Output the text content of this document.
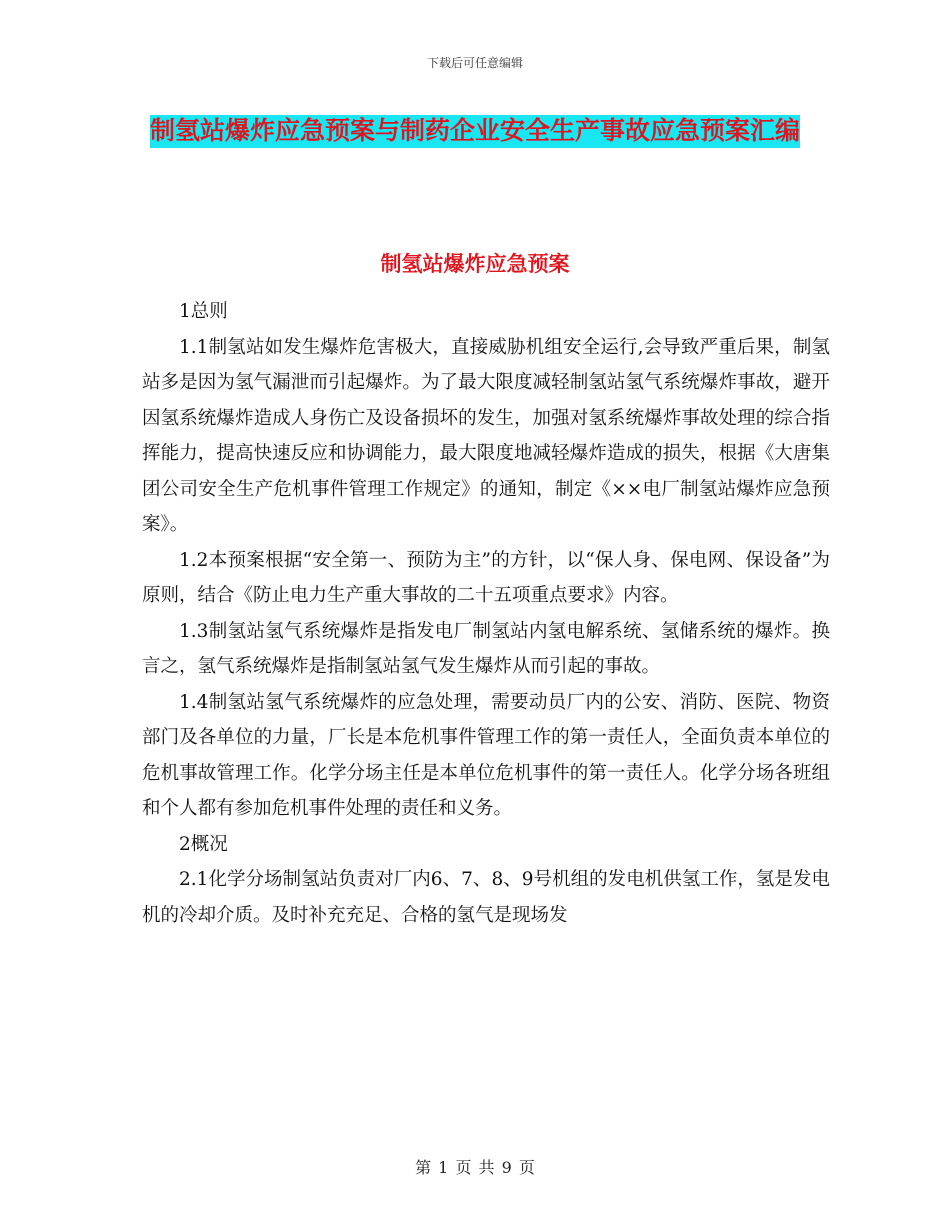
下载后可任意编辑
制氢站爆炸应急预案与制药企业安全生产事故应急预案汇编
制氢站爆炸应急预案

1总则

1.1制氢站如发生爆炸危害极大，直接威胁机组安全运行,会导致严重后果，制氢站多是因为氢气漏泄而引起爆炸。为了最大限度减轻制氢站氢气系统爆炸事故，避开因氢系统爆炸造成人身伤亡及设备损坏的发生，加强对氢系统爆炸事故处理的综合指挥能力，提高快速反应和协调能力，最大限度地减轻爆炸造成的损失，根据《大唐集团公司安全生产危机事件管理工作规定》的通知，制定《××电厂制氢站爆炸应急预案》。

1.2本预案根据“安全第一、预防为主”的方针，以“保人身、保电网、保设备”为原则，结合《防止电力生产重大事故的二十五项重点要求》内容。

1.3制氢站氢气系统爆炸是指发电厂制氢站内氢电解系统、氢储系统的爆炸。换言之，氢气系统爆炸是指制氢站氢气发生爆炸从而引起的事故。

1.4制氢站氢气系统爆炸的应急处理，需要动员厂内的公安、消防、医院、物资部门及各单位的力量，厂长是本危机事件管理工作的第一责任人，全面负责本单位的危机事故管理工作。化学分场主任是本单位危机事件的第一责任人。化学分场各班组和个人都有参加危机事件处理的责任和义务。

2概况

2.1化学分场制氢站负责对厂内6、7、8、9号机组的发电机供氢工作，氢是发电机的冷却介质。及时补充充足、合格的氢气是现场发

第 1 页 共 9 页
